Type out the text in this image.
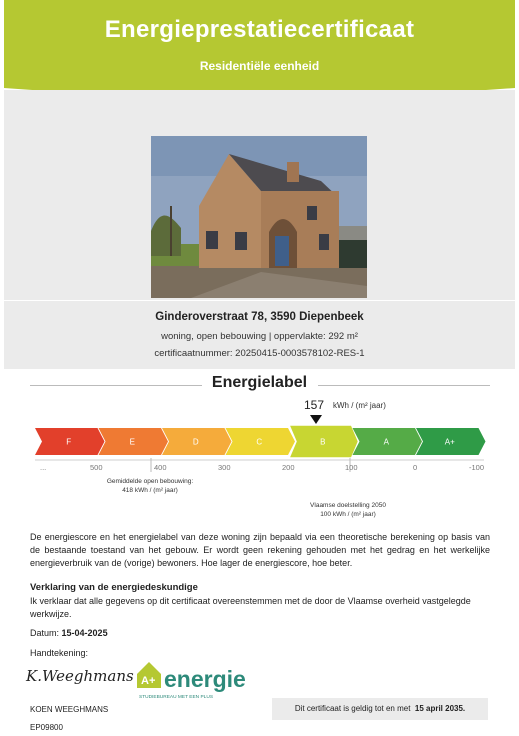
Energieprestatiecertificaat
Residentiële eenheid
Ginderoverstraat 78, 3590 Diepenbeek
woning, open bebouwing | oppervlakte: 292 m²
certificaatnummer: 20250415-0003578102-RES-1
Energielabel
157 kWh / (m² jaar)
F	E	D	C	B	A	A+
...	500	400	300	200	100	0	-100
Gemiddelde open bebouwing:
418 kWh / (m² jaar)
Vlaamse doelstelling 2050
100 kWh / (m² jaar)
De energiescore en het energielabel van deze woning zijn bepaald via een theoretische berekening op basis van de bestaande toestand van het gebouw. Er wordt geen rekening gehouden met het gedrag en het werkelijke energieverbruik van de (vorige) bewoners. Hoe lager de energiescore, hoe beter.
Verklaring van de energiedeskundige
Ik verklaar dat alle gegevens op dit certificaat overeenstemmen met de door de Vlaamse overheid vastgelegde werkwijze.
Datum: 15-04-2025
Handtekening:
K.Weeghmans A+ energie
STUDIEBUREAU MET EEN PLUS
KOEN WEEGHMANS
EP09800
Dit certificaat is geldig tot en met 15 april 2035.
